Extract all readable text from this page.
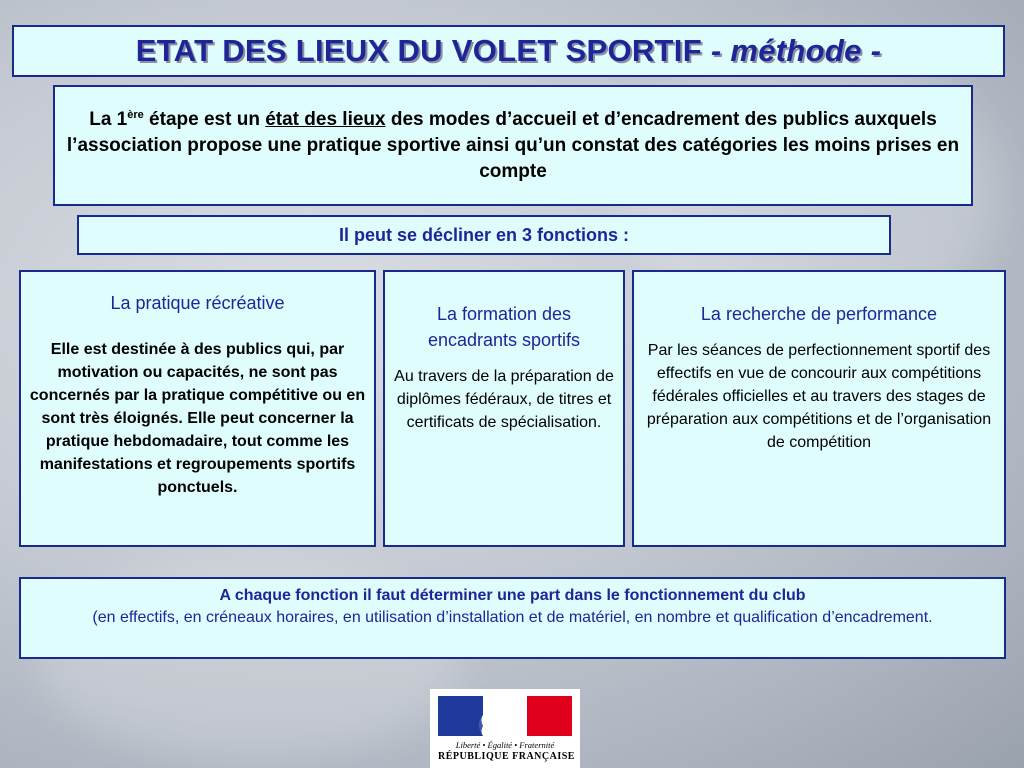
ETAT DES LIEUX DU VOLET SPORTIF - méthode -

La 1ère étape est un état des lieux des modes d’accueil et d’encadrement des publics auxquels l’association propose une pratique sportive ainsi qu’un constat des catégories les moins prises en compte

Il peut se décliner en 3 fonctions :
La pratique récréative

Elle est destinée à des publics qui, par motivation ou capacités, ne sont pas concernés par la pratique compétitive ou en sont très éloignés. Elle peut concerner la pratique hebdomadaire, tout comme les manifestations et regroupements sportifs ponctuels.

La formation des encadrants sportifs

Au travers de la préparation de diplômes fédéraux, de titres et certificats de spécialisation.

La recherche de performance

Par les séances de perfectionnement sportif des effectifs en vue de concourir aux compétitions fédérales officielles et au travers des stages de préparation aux compétitions et de l’organisation de compétition

A chaque fonction il faut déterminer une part dans le fonctionnement du club

(en effectifs, en créneaux horaires, en utilisation d’installation et de matériel, en nombre et qualification d’encadrement.

Liberté • Égalité • Fraternité
RÉPUBLIQUE FRANÇAISE
